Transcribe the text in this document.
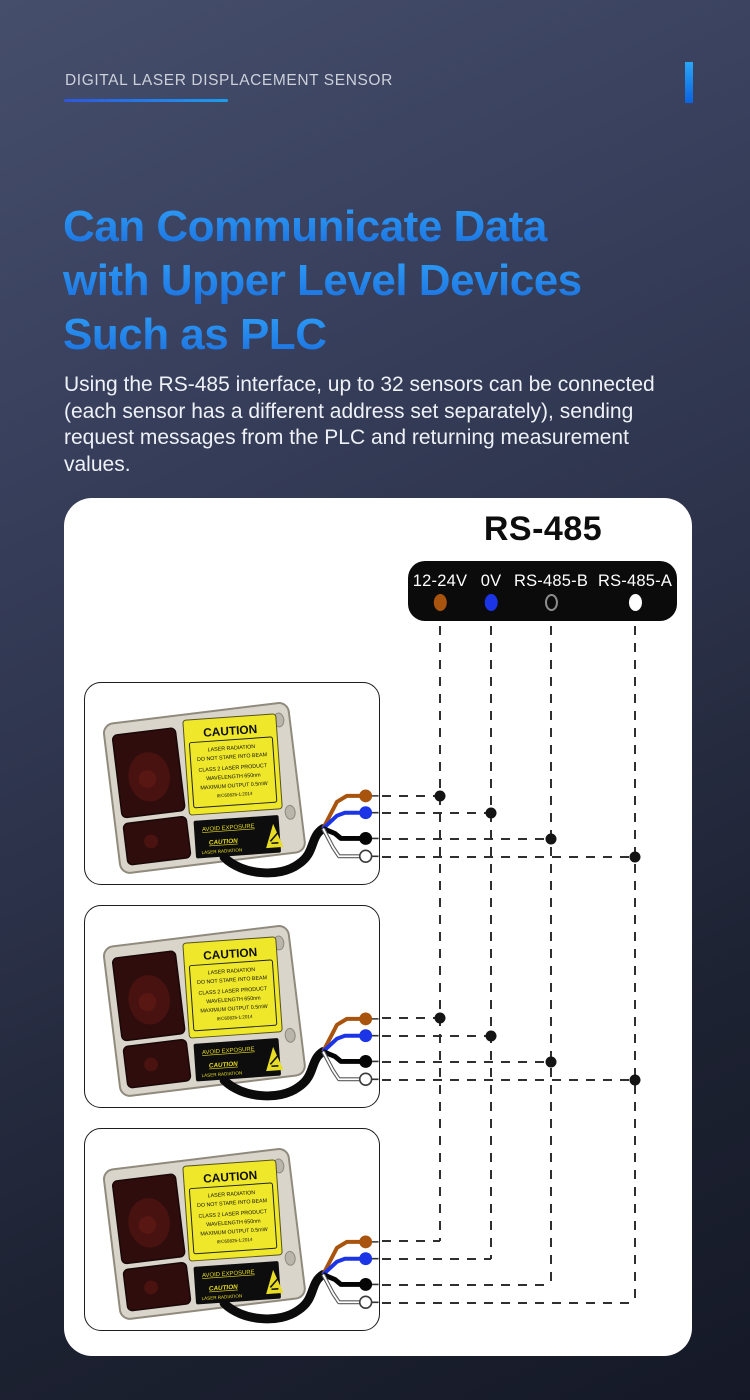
DIGITAL LASER DISPLACEMENT SENSOR
Can Communicate Data
with Upper Level Devices
Such as PLC

Using the RS-485 interface, up to 32 sensors can be connected (each sensor has a different address set separately), sending request messages from the PLC and returning measurement values.

RS-485
12-24V 0V RS-485-B RS-485-A
